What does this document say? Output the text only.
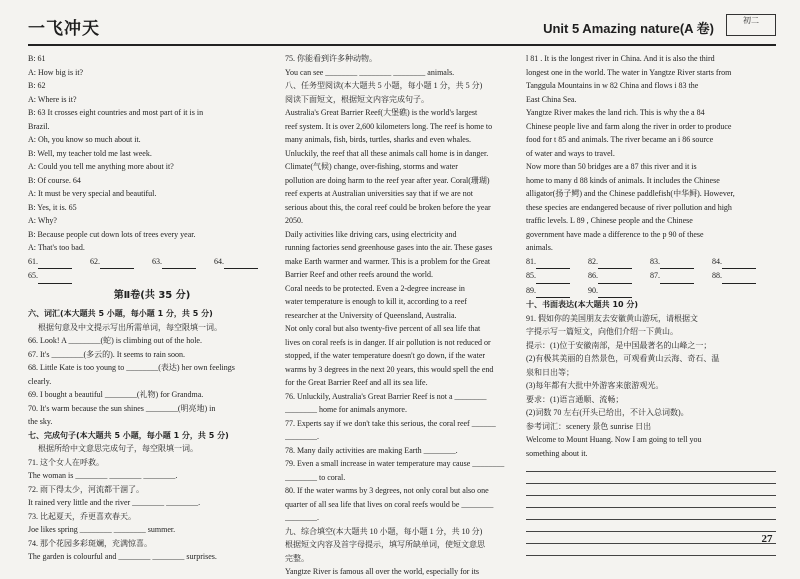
一飞冲天	Unit 5 Amazing nature(A 卷)
初二
B: 61
A: How big is it?
B: 62
A: Where is it?
B: 63 It crosses eight countries and most part of it is in
Brazil.
A: Oh, you know so much about it.
B: Well, my teacher told me last week.
A: Could you tell me anything more about it?
B: Of course. 64
A: It must be very special and beautiful.
B: Yes, it is. 65
A: Why?
B: Because people cut down lots of trees every year.
A: That's too bad.
61.	62.	63.	64.
65.
第Ⅱ卷(共 35 分)
六、词汇(本大题共 5 小题，每小题 1 分，共 5 分)
根据句意及中文提示写出所需单词，每空限填一词。
66. Look! A ________(蛇) is climbing out of the hole.
67. It's ________(多云的). It seems to rain soon.
68. Little Kate is too young to ________(表达) her own feelings
clearly.
69. I bought a beautiful ________(礼物) for Grandma.
70. It's warm because the sun shines ________(明亮地) in
the sky.
七、完成句子(本大题共 5 小题，每小题 1 分，共 5 分)
根据所给中文意思完成句子，每空限填一词。
71. 这个女人在呼救。
The woman is ________ ________ ________.
72. 雨下得太少，河流都干涸了。
It rained very little and the river ________ ________.
73. 比起夏天，乔更喜欢春天。
Joe likes spring ________ ________ summer.
74. 那个花园多彩斑斓，充满惊喜。
The garden is colourful and ________ ________ surprises.
75. 你能看到许多种动物。
You can see ________ ________ ________ animals.
八、任务型阅读(本大题共 5 小题，每小题 1 分，共 5 分)
阅读下面短文，根据短文内容完成句子。
Australia's Great Barrier Reef(大堡礁) is the world's largest
reef system. It is over 2,600 kilometers long. The reef is home to
many animals, fish, birds, turtles, sharks and even whales.
Unluckily, the reef that all these animals call home is in danger.
Climate(气候) change, over-fishing, storms and water
pollution are doing harm to the reef year after year. Coral(珊瑚)
reef experts at Australian universities say that if we are not
serious about this, the coral reef could be broken before the year
2050.
Daily activities like driving cars, using electricity and
running factories send greenhouse gases into the air. These gases
make Earth warmer and warmer. This is a problem for the Great
Barrier Reef and other reefs around the world.
Coral needs to be protected. Even a 2-degree increase in
water temperature is enough to kill it, according to a reef
researcher at the University of Queensland, Australia.
Not only coral but also twenty-five percent of all sea life that
lives on coral reefs is in danger. If air pollution is not reduced or
stopped, if the water temperature doesn't go down, if the water
warms by 3 degrees in the next 20 years, this would spell the end
for the Great Barrier Reef and all its sea life.
76. Unluckily, Australia's Great Barrier Reef is not a ________
________ home for animals anymore.
77. Experts say if we don't take this serious, the coral reef ______
________.
78. Many daily activities are making Earth ________.
79. Even a small increase in water temperature may cause ________
________ to coral.
80. If the water warms by 3 degrees, not only coral but also one
quarter of all sea life that lives on coral reefs would be ________
________.
九、综合填空(本大题共 10 小题，每小题 1 分，共 10 分)
根据短文内容及首字母提示，填写所缺单词，使短文意思
完整。
Yangtze River is famous all over the world, especially for its
l 81 . It is the longest river in China. And it is also the third
longest one in the world. The water in Yangtze River starts from
Tanggula Mountains in w 82 China and flows i 83 the
East China Sea.
Yangtze River makes the land rich. This is why the a 84
Chinese people live and farm along the river in order to produce
food for t 85 and animals. The river became an i 86 source
of water and ways to travel.
Now more than 50 bridges are a 87 this river and it is
home to many d 88 kinds of animals. It includes the Chinese
alligator(扬子鳄) and the Chinese paddlefish(中华鲟). However,
these species are endangered because of river pollution and high
traffic levels. L 89 , Chinese people and the Chinese
government have made a difference to the p 90 of these
animals.
81.	82.	83.	84.
85.	86.	87.	88.
89.	90.
十、书面表达(本大题共 10 分)
91. 假如你的美国朋友去安徽黄山游玩，请根据文
字提示写一篇短文，向他们介绍一下黄山。
提示：(1)位于安徽南部，是中国最著名的山峰之一；
(2)有极其美丽的自然景色，可观看黄山云海、奇石、温
泉和日出等；
(3)每年都有大批中外游客来旅游观光。
要求：(1)语言通顺、流畅；
(2)词数 70 左右(开头已给出，不计入总词数)。
参考词汇：scenery 景色 sunrise 日出
Welcome to Mount Huang. Now I am going to tell you
something about it.
27
